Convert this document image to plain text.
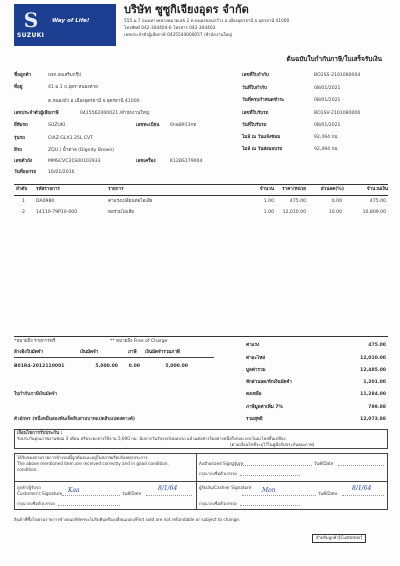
S
SUZUKI
Way of Life!
บริษัท ซูซูกิเจียงอุดร จำกัด
555 ม.7 ถนนทางหลวงหมายเลข 2 ต.หนองขอนกว้าง อ.เมืองอุดรธานี จ.อุดรธานี 41000
โทรศัพท์ 042-304404-6 โทรสาร 042-304403
เลขประจำตัวผู้เสียภาษี 0435544000057 /สำนักงานใหญ่
ต้นฉบับใบกำกับภาษี/ใบเสร็จรับเงิน
ชื่อลูกค้า	บจก.ส่งเสริมกรุ๊ป
ที่อยู่	41 ม.1 ถ.อุดร-หนองคาย
ต.หนองบัว อ.เมืองอุดรธานี จ.อุดรธานี 41000
เลขประจำตัวผู้เสียภาษี	0415562000021 /สำนักงานใหญ่
ยี่ห้อรถ	SUZUKI	เลขทะเบียน 6กฉ8913กท
รุ่นรถ	CIAZ GLX1.25L CVT
สีรถ	ZQU / น้ำตาล (Dignity Brown)
เลขตัวถัง	MMSCVC31S00102933	เลขเครื่อง	K12BS179004
วันที่ออกรถ	16/01/2016
เลขที่ใบกำกับ	BO1SS-2101080004
วันที่ใบกำกับ	08/01/2021
วันที่ครบกำหนดชำระ	08/01/2021
เลขที่ใบรับรถ	BO1SV-2101080006
วันที่ใบรับรถ	08/01/2021
ไมล์ ณ วันแจ้งซ่อม	92,494 กม.
ไมล์ ณ วันส่งมอบรถ	92,494 กม.
ลำดับ รหัสรายการ	รายการ	จำนวน	ราคา/หน่วย	ส่วนลด(%)	จำนวนเงิน
1 DA0980	ค่าแรงเปลี่ยนท่อไอเสีย	1.00	475.00	0.00	475.00
2 14110-79P10-000	ท่อร่วมไอเสีย	1.00	12,010.00	10.00	10,809.00
*หมายถึง รายการฟรี	** หมายถึง Free of Charge
ล้างอิงใบมัดจำ	เงินมัดจำ	ภาษี เงินมัดจำรวมภาษี
B01R4-2012110001	5,000.00	0.00	5,000.00
ใบกำกับภาษีเงินมัดจำ
ค่าแรง	475.00
ค่าอะไหล่	12,010.00
มูลค่ารวม	12,485.00
หักส่วนลด/หักเงินมัดจำ	1,201.00
คงเหลือ	11,284.00
ภาษีมูลค่าเพิ่ม 7%	789.88
รวมสุทธิ	12,073.88
ตัวอักษร (หนึ่งหมื่นสองพันเจ็ดสิบสามบาทแปดสิบแปดสตางค์)
เงื่อนไขการรับประกัน :
รับประกันคุณภาพงานซ่อม 3 เดือน หรือระยะทางใช้งาน 5,000 กม. นับจากวันรับรถ/ส่งมอบรถ แล้วแต่อย่างใดอย่างหนึ่งถึงก่อน ยกเว้นอะไหล่สิ้นเปลือง
(ตามเงื่อนไขที่ระบุไว้ในคู่มือรับประกันคุณภาพ)
ได้รับของตามรายการข้างบนนี้ถูกต้องและอยู่ในสภาพเรียบร้อยทุกประการ
The above mentioned item are received correctly and in good condition.
condition.
Authorized Signature	วันที่/Date
กรุณาลงชื่อตัวบรรจง
ลูกค้า/ผู้รับรถ
Customer's Signature Kaa	วันที่/Date
8/1/64
กรุณาลงชื่อตัวบรรจง
ผู้รับเงิน/Cashier Signature Mon	วันที่/Date
8/1/64
กรุณาลงชื่อตัวบรรจง
สินค้าที่ซื้อไปตามรายการข้างบนบริษัทฯจะไม่รับคืนหรือเปลี่ยนแปลง/Part sold are not refundable or subject to change.
สำหรับลูกค้า[Customer]
